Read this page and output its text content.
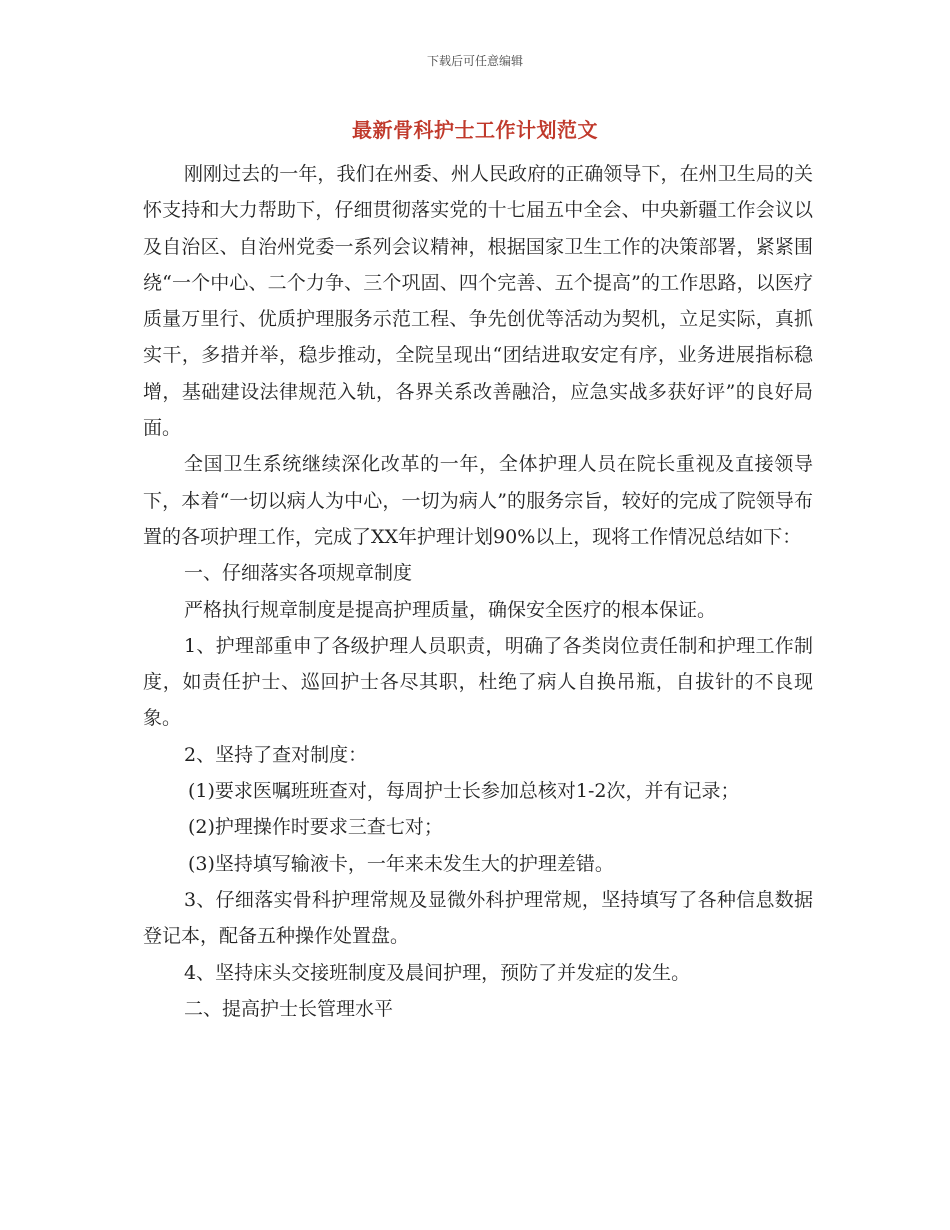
下载后可任意编辑
最新骨科护士工作计划范文

刚刚过去的一年，我们在州委、州人民政府的正确领导下，在州卫生局的关怀支持和大力帮助下，仔细贯彻落实党的十七届五中全会、中央新疆工作会议以及自治区、自治州党委一系列会议精神，根据国家卫生工作的决策部署，紧紧围绕“一个中心、二个力争、三个巩固、四个完善、五个提高”的工作思路，以医疗质量万里行、优质护理服务示范工程、争先创优等活动为契机，立足实际，真抓实干，多措并举，稳步推动，全院呈现出“团结进取安定有序，业务进展指标稳增，基础建设法律规范入轨，各界关系改善融洽，应急实战多获好评”的良好局面。

全国卫生系统继续深化改革的一年，全体护理人员在院长重视及直接领导下，本着“一切以病人为中心，一切为病人”的服务宗旨，较好的完成了院领导布置的各项护理工作，完成了XX年护理计划90%以上，现将工作情况总结如下：

一、仔细落实各项规章制度

严格执行规章制度是提高护理质量，确保安全医疗的根本保证。

1、护理部重申了各级护理人员职责，明确了各类岗位责任制和护理工作制度，如责任护士、巡回护士各尽其职，杜绝了病人自换吊瓶，自拔针的不良现象。

2、坚持了查对制度：

(1)要求医嘱班班查对，每周护士长参加总核对1-2次，并有记录；

(2)护理操作时要求三查七对；

(3)坚持填写输液卡，一年来未发生大的护理差错。

3、仔细落实骨科护理常规及显微外科护理常规，坚持填写了各种信息数据登记本，配备五种操作处置盘。

4、坚持床头交接班制度及晨间护理，预防了并发症的发生。

二、提高护士长管理水平
